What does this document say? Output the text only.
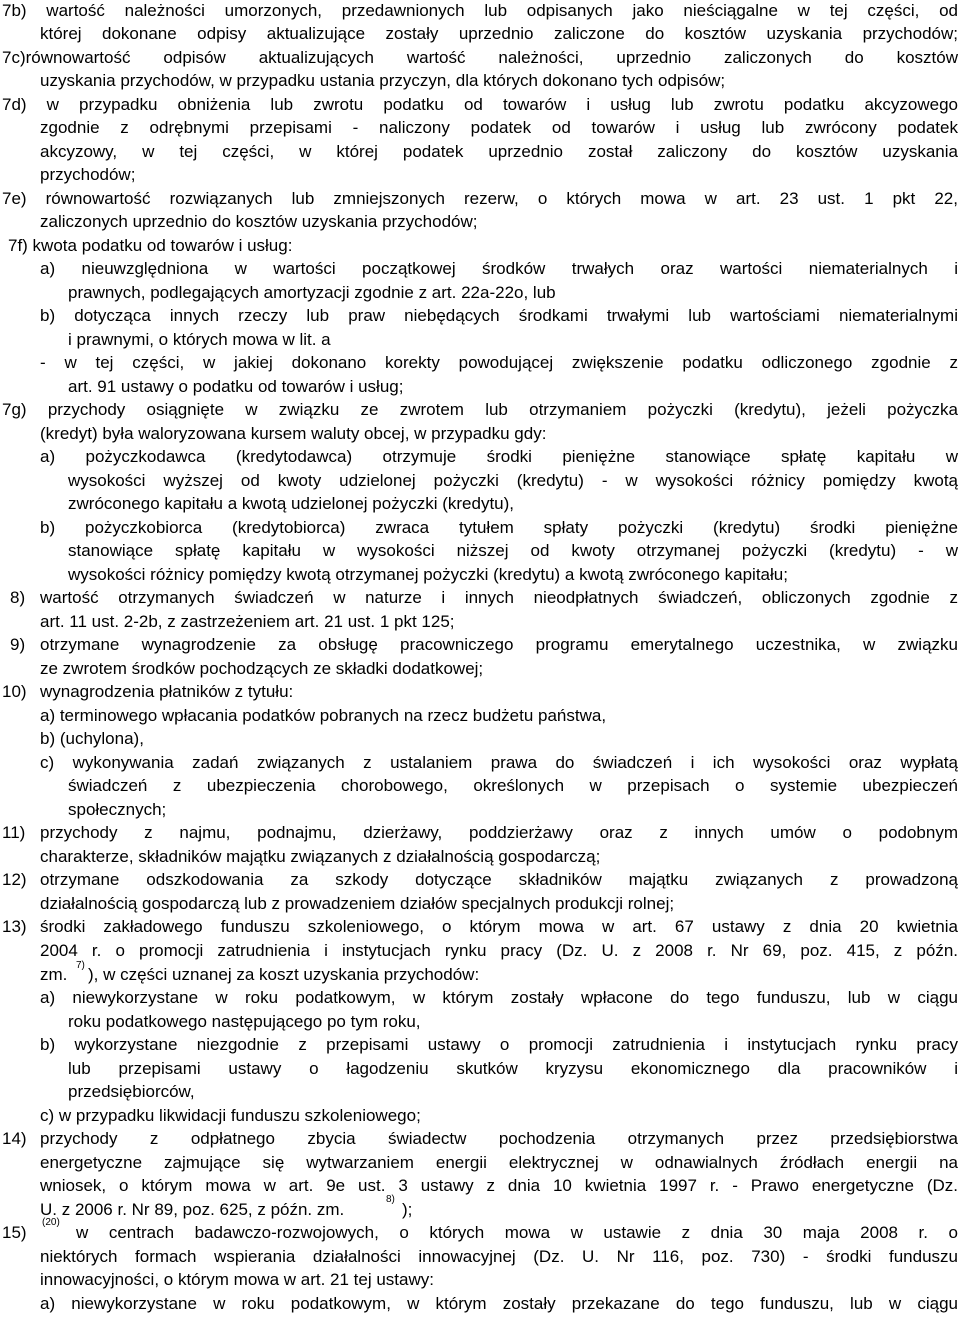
7b) wartość należności umorzonych, przedawnionych lub odpisanych jako nieściągalne w tej części, od
której dokonane odpisy aktualizujące zostały uprzednio zaliczone do kosztów uzyskania przychodów;
7c)równowartość odpisów aktualizujących wartość należności, uprzednio zaliczonych do kosztów
uzyskania przychodów, w przypadku ustania przyczyn, dla których dokonano tych odpisów;
7d) w przypadku obniżenia lub zwrotu podatku od towarów i usług lub zwrotu podatku akcyzowego
zgodnie z odrębnymi przepisami - naliczony podatek od towarów i usług lub zwrócony podatek
akcyzowy, w tej części, w której podatek uprzednio został zaliczony do kosztów uzyskania
przychodów;
7e) równowartość rozwiązanych lub zmniejszonych rezerw, o których mowa w art. 23 ust. 1 pkt 22,
zaliczonych uprzednio do kosztów uzyskania przychodów;
7f) kwota podatku od towarów i usług:
a) nieuwzględniona w wartości początkowej środków trwałych oraz wartości niematerialnych i
prawnych, podlegających amortyzacji zgodnie z art. 22a-22o, lub
b) dotycząca innych rzeczy lub praw niebędących środkami trwałymi lub wartościami niematerialnymi
i prawnymi, o których mowa w lit. a
- w tej części, w jakiej dokonano korekty powodującej zwiększenie podatku odliczonego zgodnie z
art. 91 ustawy o podatku od towarów i usług;
7g) przychody osiągnięte w związku ze zwrotem lub otrzymaniem pożyczki (kredytu), jeżeli pożyczka
(kredyt) była waloryzowana kursem waluty obcej, w przypadku gdy:
a) pożyczkodawca (kredytodawca) otrzymuje środki pieniężne stanowiące spłatę kapitału w
wysokości wyższej od kwoty udzielonej pożyczki (kredytu) - w wysokości różnicy pomiędzy kwotą
zwróconego kapitału a kwotą udzielonej pożyczki (kredytu),
b) pożyczkobiorca (kredytobiorca) zwraca tytułem spłaty pożyczki (kredytu) środki pieniężne
stanowiące spłatę kapitału w wysokości niższej od kwoty otrzymanej pożyczki (kredytu) - w
wysokości różnicy pomiędzy kwotą otrzymanej pożyczki (kredytu) a kwotą zwróconego kapitału;
8) wartość otrzymanych świadczeń w naturze i innych nieodpłatnych świadczeń, obliczonych zgodnie z
art. 11 ust. 2-2b, z zastrzeżeniem art. 21 ust. 1 pkt 125;
9) otrzymane wynagrodzenie za obsługę pracowniczego programu emerytalnego uczestnika, w związku
ze zwrotem środków pochodzących ze składki dodatkowej;
10) wynagrodzenia płatników z tytułu:
a) terminowego wpłacania podatków pobranych na rzecz budżetu państwa,
b) (uchylona),
c) wykonywania zadań związanych z ustalaniem prawa do świadczeń i ich wysokości oraz wypłatą
świadczeń z ubezpieczenia chorobowego, określonych w przepisach o systemie ubezpieczeń
społecznych;
11) przychody z najmu, podnajmu, dzierżawy, poddzierżawy oraz z innych umów o podobnym
charakterze, składników majątku związanych z działalnością gospodarczą;
12) otrzymane odszkodowania za szkody dotyczące składników majątku związanych z prowadzoną
działalnością gospodarczą lub z prowadzeniem działów specjalnych produkcji rolnej;
13) środki zakładowego funduszu szkoleniowego, o którym mowa w art. 67 ustawy z dnia 20 kwietnia
2004 r. o promocji zatrudnienia i instytucjach rynku pracy (Dz. U. z 2008 r. Nr 69, poz. 415, z późn.
zm.	), w części uznanej za koszt uzyskania przychodów:
a) niewykorzystane w roku podatkowym, w którym zostały wpłacone do tego funduszu, lub w ciągu
roku podatkowego następującego po tym roku,
b) wykorzystane niezgodnie z przepisami ustawy o promocji zatrudnienia i instytucjach rynku pracy
lub przepisami ustawy o łagodzeniu skutków kryzysu ekonomicznego dla pracowników i
przedsiębiorców,
c) w przypadku likwidacji funduszu szkoleniowego;
14) przychody z odpłatnego zbycia świadectw pochodzenia otrzymanych przez przedsiębiorstwa
energetyczne zajmujące się wytwarzaniem energii elektrycznej w odnawialnych źródłach energii na
wniosek, o którym mowa w art. 9e ust. 3 ustawy z dnia 10 kwietnia 1997 r. - Prawo energetyczne (Dz.
U. z 2006 r. Nr 89, poz. 625, z późn. zm.	);
15)	w centrach badawczo-rozwojowych, o których mowa w ustawie z dnia 30 maja 2008 r. o
niektórych formach wspierania działalności innowacyjnej (Dz. U. Nr 116, poz. 730) - środki funduszu
innowacyjności, o którym mowa w art. 21 tej ustawy:
a) niewykorzystane w roku podatkowym, w którym zostały przekazane do tego funduszu, lub w ciągu
7)
8)
(20)
